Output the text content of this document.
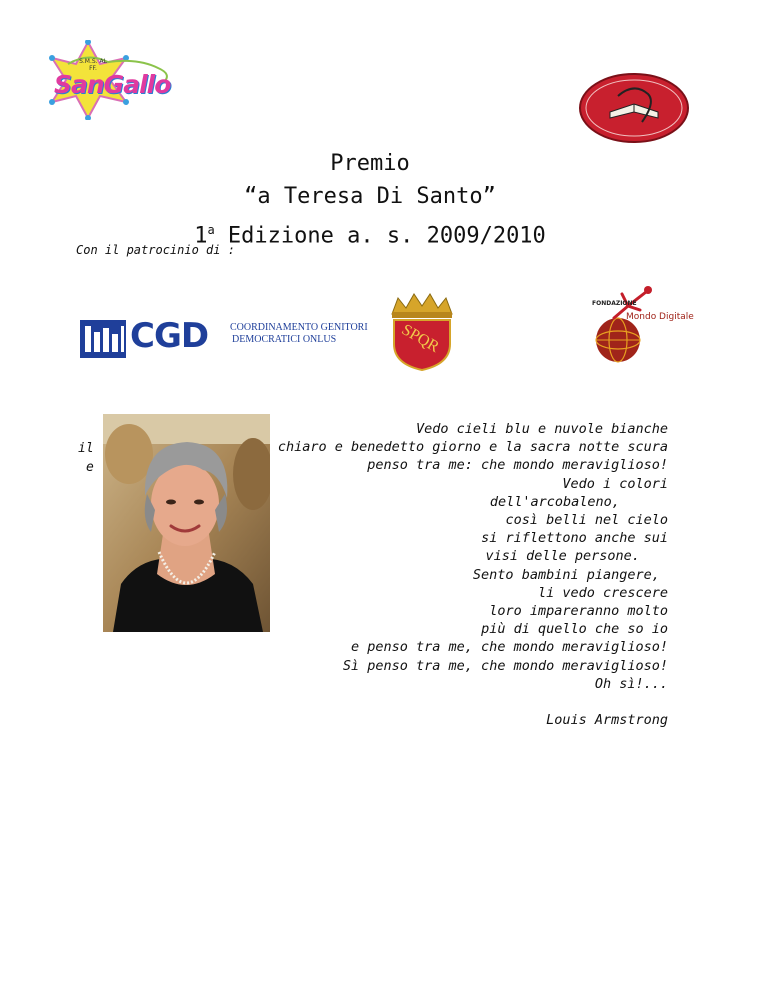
SanGallo
S.M.S. AL FF.
Premio
“a Teresa Di Santo”
1$^a$ Edizione a. s. 2009/2010
Con il patrocinio di :
CGD COORDINAMENTO GENITORI
DEMOCRATICI ONLUS	SPQR
FONDAZIONE
Mondo Digitale
il
e
Vedo cieli blu e nuvole bianche
chiaro e benedetto giorno e la sacra notte scura
penso tra me: che mondo meraviglioso!
Vedo i colori
dell'arcobaleno,
così belli nel cielo
si riflettono anche sui
visi delle persone.
Sento bambini piangere,
li vedo crescere
loro impareranno molto
più di quello che so io
e penso tra me, che mondo meraviglioso!
Sì penso tra me, che mondo meraviglioso!
Oh sì!...
Louis Armstrong
